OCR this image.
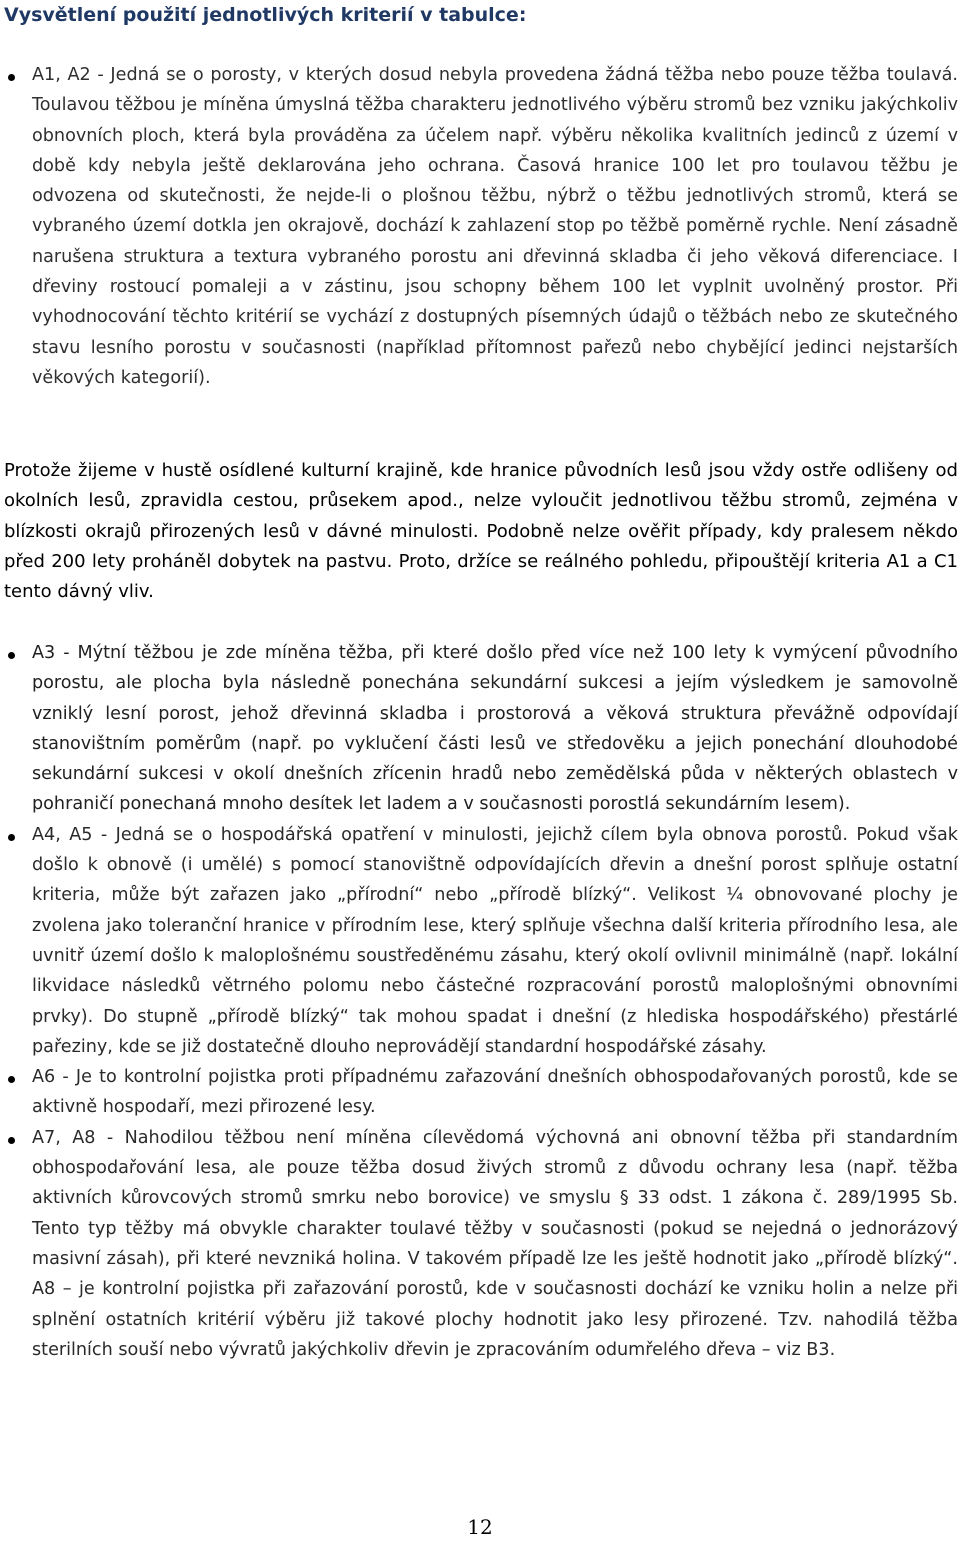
Vysvětlení použití jednotlivých kriterií v tabulce:

A1, A2 - Jedná se o porosty, v kterých dosud nebyla provedena žádná těžba nebo pouze těžba toulavá. Toulavou těžbou je míněna úmyslná těžba charakteru jednotlivého výběru stromů bez vzniku jakýchkoliv obnovních ploch, která byla prováděna za účelem např. výběru několika kvalitních jedinců z území v době kdy nebyla ještě deklarována jeho ochrana. Časová hranice 100 let pro toulavou těžbu je odvozena od skutečnosti, že nejde-li o plošnou těžbu, nýbrž o těžbu jednotlivých stromů, která se vybraného území dotkla jen okrajově, dochází k zahlazení stop po těžbě poměrně rychle. Není zásadně narušena struktura a textura vybraného porostu ani dřevinná skladba či jeho věková diferenciace. I dřeviny rostoucí pomaleji a v zástinu, jsou schopny během 100 let vyplnit uvolněný prostor. Při vyhodnocování těchto kritérií se vychází z dostupných písemných údajů o těžbách nebo ze skutečného stavu lesního porostu v současnosti (například přítomnost pařezů nebo chybějící jedinci nejstarších věkových kategorií).

Protože žijeme v hustě osídlené kulturní krajině, kde hranice původních lesů jsou vždy ostře odlišeny od okolních lesů, zpravidla cestou, průsekem apod., nelze vyloučit jednotlivou těžbu stromů, zejména v blízkosti okrajů přirozených lesů v dávné minulosti. Podobně nelze ověřit případy, kdy pralesem někdo před 200 lety proháněl dobytek na pastvu. Proto, držíce se reálného pohledu, připouštějí kriteria A1 a C1 tento dávný vliv.

A3 - Mýtní těžbou je zde míněna těžba, při které došlo před více než 100 lety k vymýcení původního porostu, ale plocha byla následně ponechána sekundární sukcesi a jejím výsledkem je samovolně vzniklý lesní porost, jehož dřevinná skladba i prostorová a věková struktura převážně odpovídají stanovištním poměrům (např. po vyklučení části lesů ve středověku a jejich ponechání dlouhodobé sekundární sukcesi v okolí dnešních zřícenin hradů nebo zemědělská půda v některých oblastech v pohraničí ponechaná mnoho desítek let ladem a v současnosti porostlá sekundárním lesem).

A4, A5 - Jedná se o hospodářská opatření v minulosti, jejichž cílem byla obnova porostů. Pokud však došlo k obnově (i umělé) s pomocí stanovištně odpovídajících dřevin a dnešní porost splňuje ostatní kriteria, může být zařazen jako „přírodní“ nebo „přírodě blízký“. Velikost ¼ obnovované plochy je zvolena jako toleranční hranice v přírodním lese, který splňuje všechna další kriteria přírodního lesa, ale uvnitř území došlo k maloplošnému soustředěnému zásahu, který okolí ovlivnil minimálně (např. lokální likvidace následků větrného polomu nebo částečné rozpracování porostů maloplošnými obnovními prvky). Do stupně „přírodě blízký“ tak mohou spadat i dnešní (z hlediska hospodářského) přestárlé pařeziny, kde se již dostatečně dlouho neprovádějí standardní hospodářské zásahy.

A6 - Je to kontrolní pojistka proti případnému zařazování dnešních obhospodařovaných porostů, kde se aktivně hospodaří, mezi přirozené lesy.

A7, A8 - Nahodilou těžbou není míněna cílevědomá výchovná ani obnovní těžba při standardním obhospodařování lesa, ale pouze těžba dosud živých stromů z důvodu ochrany lesa (např. těžba aktivních kůrovcových stromů smrku nebo borovice) ve smyslu § 33 odst. 1 zákona č. 289/1995 Sb. Tento typ těžby má obvykle charakter toulavé těžby v současnosti (pokud se nejedná o jednorázový masivní zásah), při které nevzniká holina. V takovém případě lze les ještě hodnotit jako „přírodě blízký“. A8 – je kontrolní pojistka při zařazování porostů, kde v současnosti dochází ke vzniku holin a nelze při splnění ostatních kritérií výběru již takové plochy hodnotit jako lesy přirozené. Tzv. nahodilá těžba sterilních souší nebo vývratů jakýchkoliv dřevin je zpracováním odumřelého dřeva – viz B3.

12
